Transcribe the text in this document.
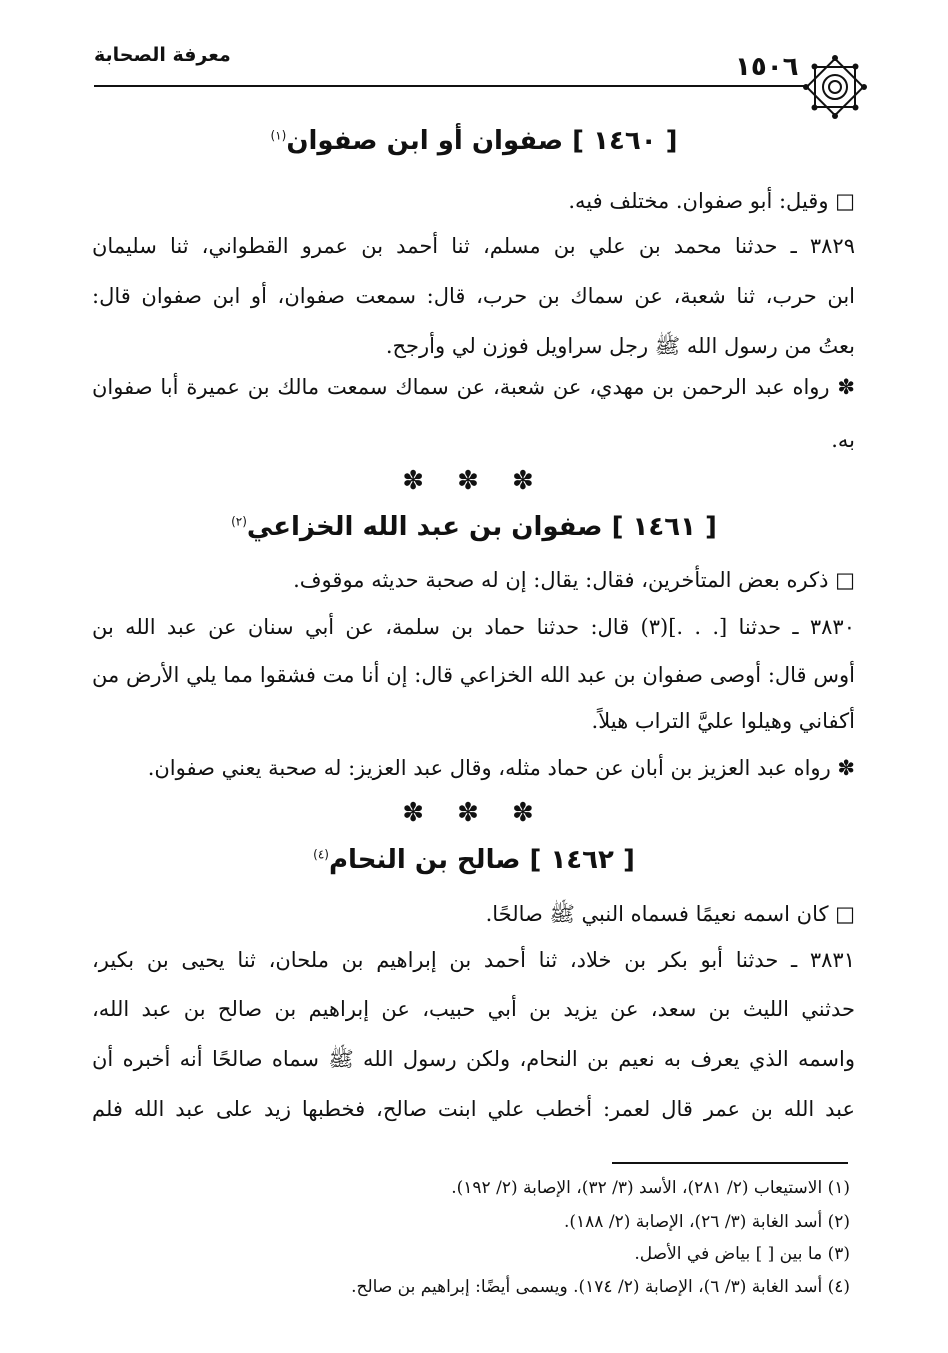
معرفة الصحابة	١٥٠٦
[ ١٤٦٠ ] صفوان أو ابن صفوان$^{(١)}$
□ وقيل: أبو صفوان. مختلف فيه.
٣٨٢٩ ـ حدثنا محمد بن علي بن مسلم، ثنا أحمد بن عمرو القطواني، ثنا سليمان
ابن حرب، ثنا شعبة، عن سماك بن حرب، قال: سمعت صفوان، أو ابن صفوان قال:
بعتُ من رسول الله ﷺ رجل سراويل فوزن لي وأرجح.
✽ رواه عبد الرحمن بن مهدي، عن شعبة، عن سماك سمعت مالك بن عميرة أبا صفوان
به.
✽ ✽ ✽
[ ١٤٦١ ] صفوان بن عبد الله الخزاعي$^{(٢)}$
□ ذكره بعض المتأخرين، فقال: يقال: إن له صحبة حديثه موقوف.
٣٨٣٠ ـ حدثنا [. . .](٣) قال: حدثنا حماد بن سلمة، عن أبي سنان عن عبد الله بن
أوس قال: أوصى صفوان بن عبد الله الخزاعي قال: إن أنا مت فشقوا مما يلي الأرض من
أكفاني وهيلوا عليَّ التراب هيلاً.
✽ رواه عبد العزيز بن أبان عن حماد مثله، وقال عبد العزيز: له صحبة يعني صفوان.
✽ ✽ ✽
[ ١٤٦٢ ] صالح بن النحام$^{(٤)}$
□ كان اسمه نعيمًا فسماه النبي ﷺ صالحًا.
٣٨٣١ ـ حدثنا أبو بكر بن خلاد، ثنا أحمد بن إبراهيم بن ملحان، ثنا يحيى بن بكير،
حدثني الليث بن سعد، عن يزيد بن أبي حبيب، عن إبراهيم بن صالح بن عبد الله،
واسمه الذي يعرف به نعيم بن النحام، ولكن رسول الله ﷺ سماه صالحًا أنه أخبره أن
عبد الله بن عمر قال لعمر: أخطب علي ابنت صالح، فخطبها زيد على عبد الله فلم
(١) الاستيعاب (٢/ ٢٨١)، الأسد (٣/ ٣٢)، الإصابة (٢/ ١٩٢).
(٢) أسد الغابة (٣/ ٢٦)، الإصابة (٢/ ١٨٨).
(٣) ما بين [ ] بياض في الأصل.
(٤) أسد الغابة (٣/ ٦)، الإصابة (٢/ ١٧٤). ويسمى أيضًا: إبراهيم بن صالح.
